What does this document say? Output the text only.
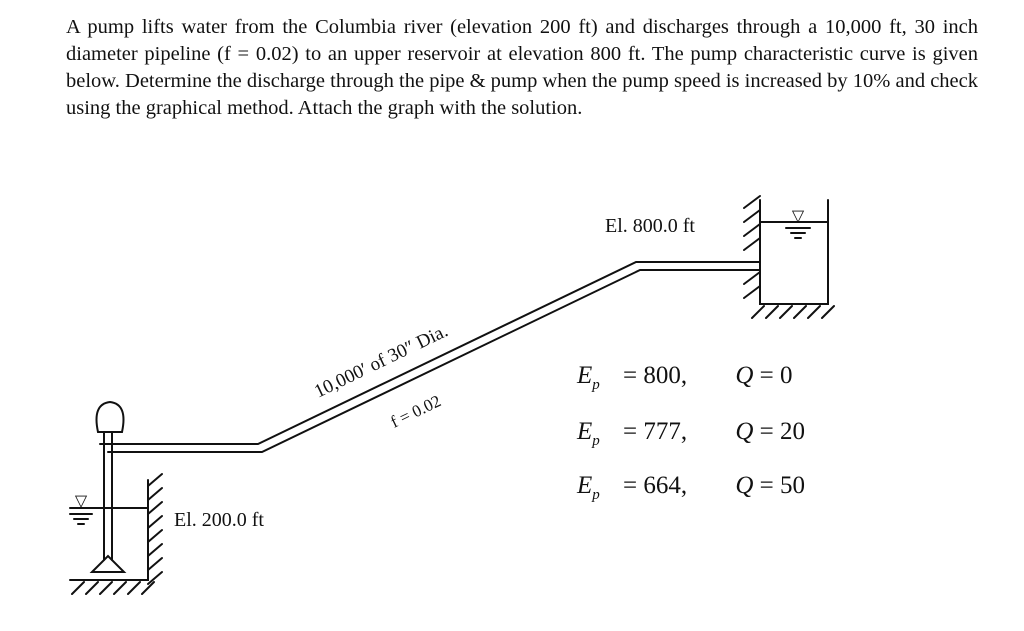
A pump lifts water from the Columbia river (elevation 200 ft) and discharges through a 10,000 ft, 30 inch diameter pipeline (f = 0.02) to an upper reservoir at elevation 800 ft. The pump characteristic curve is given below. Determine the discharge through the pipe & pump when the pump speed is increased by 10% and check using the graphical method. Attach the graph with the solution.

▽
▽
El. 800.0 ft
El. 200.0 ft
10,000′ of 30″ Dia.
f = 0.02
$E_p = 800$, Q = 0
$E_p = 777$, Q = 20
$E_p = 664$, Q = 50
